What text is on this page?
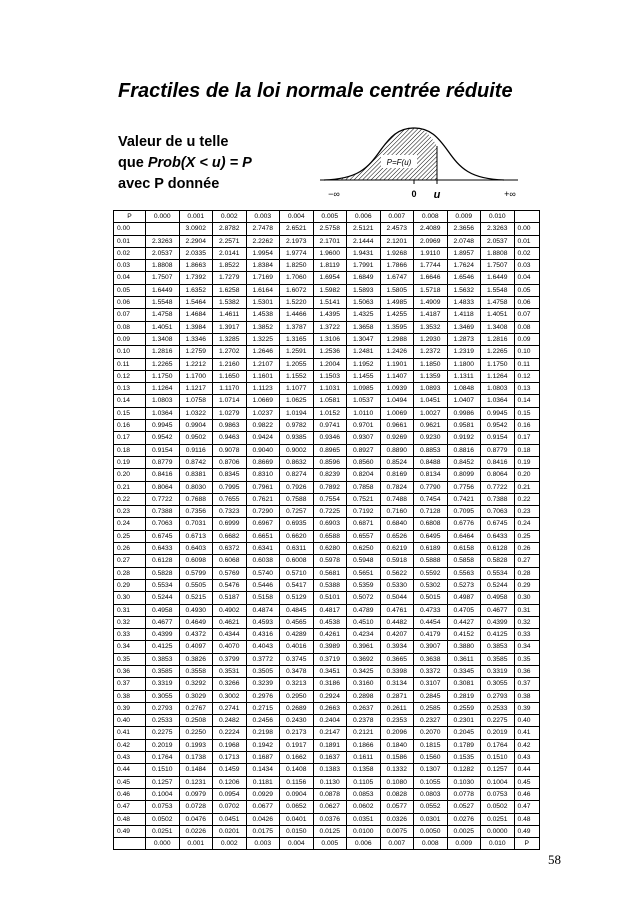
Fractiles de la loi normale centrée réduite
Valeur de u telle
que Prob(X < u) = P
avec P donnée
P=F(u)
−∞	0 u	+∞
P	0.000	0.001	0.002	0.003	0.004	0.005	0.006	0.007	0.008	0.009	0.010	
0.00		3.0902	2.8782	2.7478	2.6521	2.5758	2.5121	2.4573	2.4089	2.3656	2.3263	0.00
0.01	2.3263	2.2904	2.2571	2.2262	2.1973	2.1701	2.1444	2.1201	2.0969	2.0748	2.0537	0.01
0.02	2.0537	2.0335	2.0141	1.9954	1.9774	1.9600	1.9431	1.9268	1.9110	1.8957	1.8808	0.02
0.03	1.8808	1.8663	1.8522	1.8384	1.8250	1.8119	1.7991	1.7866	1.7744	1.7624	1.7507	0.03
0.04	1.7507	1.7392	1.7279	1.7169	1.7060	1.6954	1.6849	1.6747	1.6646	1.6546	1.6449	0.04
0.05	1.6449	1.6352	1.6258	1.6164	1.6072	1.5982	1.5893	1.5805	1.5718	1.5632	1.5548	0.05
0.06	1.5548	1.5464	1.5382	1.5301	1.5220	1.5141	1.5063	1.4985	1.4909	1.4833	1.4758	0.06
0.07	1.4758	1.4684	1.4611	1.4538	1.4466	1.4395	1.4325	1.4255	1.4187	1.4118	1.4051	0.07
0.08	1.4051	1.3984	1.3917	1.3852	1.3787	1.3722	1.3658	1.3595	1.3532	1.3469	1.3408	0.08
0.09	1.3408	1.3346	1.3285	1.3225	1.3165	1.3106	1.3047	1.2988	1.2930	1.2873	1.2816	0.09
0.10	1.2816	1.2759	1.2702	1.2646	1.2591	1.2536	1.2481	1.2426	1.2372	1.2319	1.2265	0.10
0.11	1.2265	1.2212	1.2160	1.2107	1.2055	1.2004	1.1952	1.1901	1.1850	1.1800	1.1750	0.11
0.12	1.1750	1.1700	1.1650	1.1601	1.1552	1.1503	1.1455	1.1407	1.1359	1.1311	1.1264	0.12
0.13	1.1264	1.1217	1.1170	1.1123	1.1077	1.1031	1.0985	1.0939	1.0893	1.0848	1.0803	0.13
0.14	1.0803	1.0758	1.0714	1.0669	1.0625	1.0581	1.0537	1.0494	1.0451	1.0407	1.0364	0.14
0.15	1.0364	1.0322	1.0279	1.0237	1.0194	1.0152	1.0110	1.0069	1.0027	0.9986	0.9945	0.15
0.16	0.9945	0.9904	0.9863	0.9822	0.9782	0.9741	0.9701	0.9661	0.9621	0.9581	0.9542	0.16
0.17	0.9542	0.9502	0.9463	0.9424	0.9385	0.9346	0.9307	0.9269	0.9230	0.9192	0.9154	0.17
0.18	0.9154	0.9116	0.9078	0.9040	0.9002	0.8965	0.8927	0.8890	0.8853	0.8816	0.8779	0.18
0.19	0.8779	0.8742	0.8706	0.8669	0.8632	0.8596	0.8560	0.8524	0.8488	0.8452	0.8416	0.19
0.20	0.8416	0.8381	0.8345	0.8310	0.8274	0.8239	0.8204	0.8169	0.8134	0.8099	0.8064	0.20
0.21	0.8064	0.8030	0.7995	0.7961	0.7926	0.7892	0.7858	0.7824	0.7790	0.7756	0.7722	0.21
0.22	0.7722	0.7688	0.7655	0.7621	0.7588	0.7554	0.7521	0.7488	0.7454	0.7421	0.7388	0.22
0.23	0.7388	0.7356	0.7323	0.7290	0.7257	0.7225	0.7192	0.7160	0.7128	0.7095	0.7063	0.23
0.24	0.7063	0.7031	0.6999	0.6967	0.6935	0.6903	0.6871	0.6840	0.6808	0.6776	0.6745	0.24
0.25	0.6745	0.6713	0.6682	0.6651	0.6620	0.6588	0.6557	0.6526	0.6495	0.6464	0.6433	0.25
0.26	0.6433	0.6403	0.6372	0.6341	0.6311	0.6280	0.6250	0.6219	0.6189	0.6158	0.6128	0.26
0.27	0.6128	0.6098	0.6068	0.6038	0.6008	0.5978	0.5948	0.5918	0.5888	0.5858	0.5828	0.27
0.28	0.5828	0.5799	0.5769	0.5740	0.5710	0.5681	0.5651	0.5622	0.5592	0.5563	0.5534	0.28
0.29	0.5534	0.5505	0.5476	0.5446	0.5417	0.5388	0.5359	0.5330	0.5302	0.5273	0.5244	0.29
0.30	0.5244	0.5215	0.5187	0.5158	0.5129	0.5101	0.5072	0.5044	0.5015	0.4987	0.4958	0.30
0.31	0.4958	0.4930	0.4902	0.4874	0.4845	0.4817	0.4789	0.4761	0.4733	0.4705	0.4677	0.31
0.32	0.4677	0.4649	0.4621	0.4593	0.4565	0.4538	0.4510	0.4482	0.4454	0.4427	0.4399	0.32
0.33	0.4399	0.4372	0.4344	0.4316	0.4289	0.4261	0.4234	0.4207	0.4179	0.4152	0.4125	0.33
0.34	0.4125	0.4097	0.4070	0.4043	0.4016	0.3989	0.3961	0.3934	0.3907	0.3880	0.3853	0.34
0.35	0.3853	0.3826	0.3799	0.3772	0.3745	0.3719	0.3692	0.3665	0.3638	0.3611	0.3585	0.35
0.36	0.3585	0.3558	0.3531	0.3505	0.3478	0.3451	0.3425	0.3398	0.3372	0.3345	0.3319	0.36
0.37	0.3319	0.3292	0.3266	0.3239	0.3213	0.3186	0.3160	0.3134	0.3107	0.3081	0.3055	0.37
0.38	0.3055	0.3029	0.3002	0.2976	0.2950	0.2924	0.2898	0.2871	0.2845	0.2819	0.2793	0.38
0.39	0.2793	0.2767	0.2741	0.2715	0.2689	0.2663	0.2637	0.2611	0.2585	0.2559	0.2533	0.39
0.40	0.2533	0.2508	0.2482	0.2456	0.2430	0.2404	0.2378	0.2353	0.2327	0.2301	0.2275	0.40
0.41	0.2275	0.2250	0.2224	0.2198	0.2173	0.2147	0.2121	0.2096	0.2070	0.2045	0.2019	0.41
0.42	0.2019	0.1993	0.1968	0.1942	0.1917	0.1891	0.1866	0.1840	0.1815	0.1789	0.1764	0.42
0.43	0.1764	0.1738	0.1713	0.1687	0.1662	0.1637	0.1611	0.1586	0.1560	0.1535	0.1510	0.43
0.44	0.1510	0.1484	0.1459	0.1434	0.1408	0.1383	0.1358	0.1332	0.1307	0.1282	0.1257	0.44
0.45	0.1257	0.1231	0.1206	0.1181	0.1156	0.1130	0.1105	0.1080	0.1055	0.1030	0.1004	0.45
0.46	0.1004	0.0979	0.0954	0.0929	0.0904	0.0878	0.0853	0.0828	0.0803	0.0778	0.0753	0.46
0.47	0.0753	0.0728	0.0702	0.0677	0.0652	0.0627	0.0602	0.0577	0.0552	0.0527	0.0502	0.47
0.48	0.0502	0.0476	0.0451	0.0426	0.0401	0.0376	0.0351	0.0326	0.0301	0.0276	0.0251	0.48
0.49	0.0251	0.0226	0.0201	0.0175	0.0150	0.0125	0.0100	0.0075	0.0050	0.0025	0.0000	0.49
	0.000	0.001	0.002	0.003	0.004	0.005	0.006	0.007	0.008	0.009	0.010	P
58
